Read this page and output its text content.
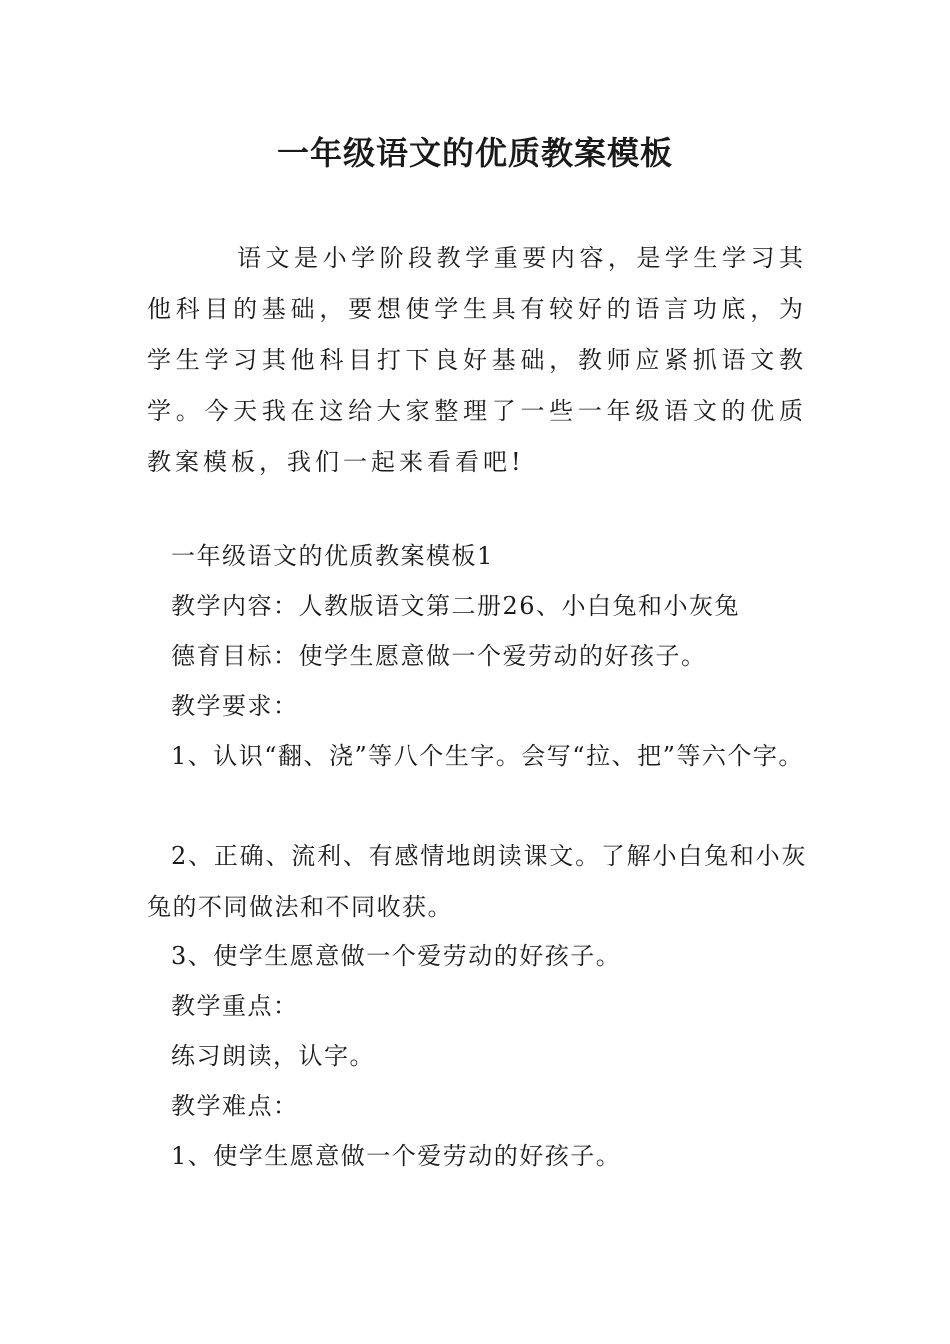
一年级语文的优质教案模板

语文是小学阶段教学重要内容，是学生学习其他科目的基础，要想使学生具有较好的语言功底，为学生学习其他科目打下良好基础，教师应紧抓语文教学。今天我在这给大家整理了一些一年级语文的优质教案模板，我们一起来看看吧!

一年级语文的优质教案模板1

教学内容：人教版语文第二册26、小白兔和小灰兔

德育目标：使学生愿意做一个爱劳动的好孩子。

教学要求：

1、认识“翻、浇”等八个生字。会写“拉、把”等六个字。

2、正确、流利、有感情地朗读课文。了解小白兔和小灰兔的不同做法和不同收获。

3、使学生愿意做一个爱劳动的好孩子。

教学重点：

练习朗读，认字。

教学难点：

1、使学生愿意做一个爱劳动的好孩子。
